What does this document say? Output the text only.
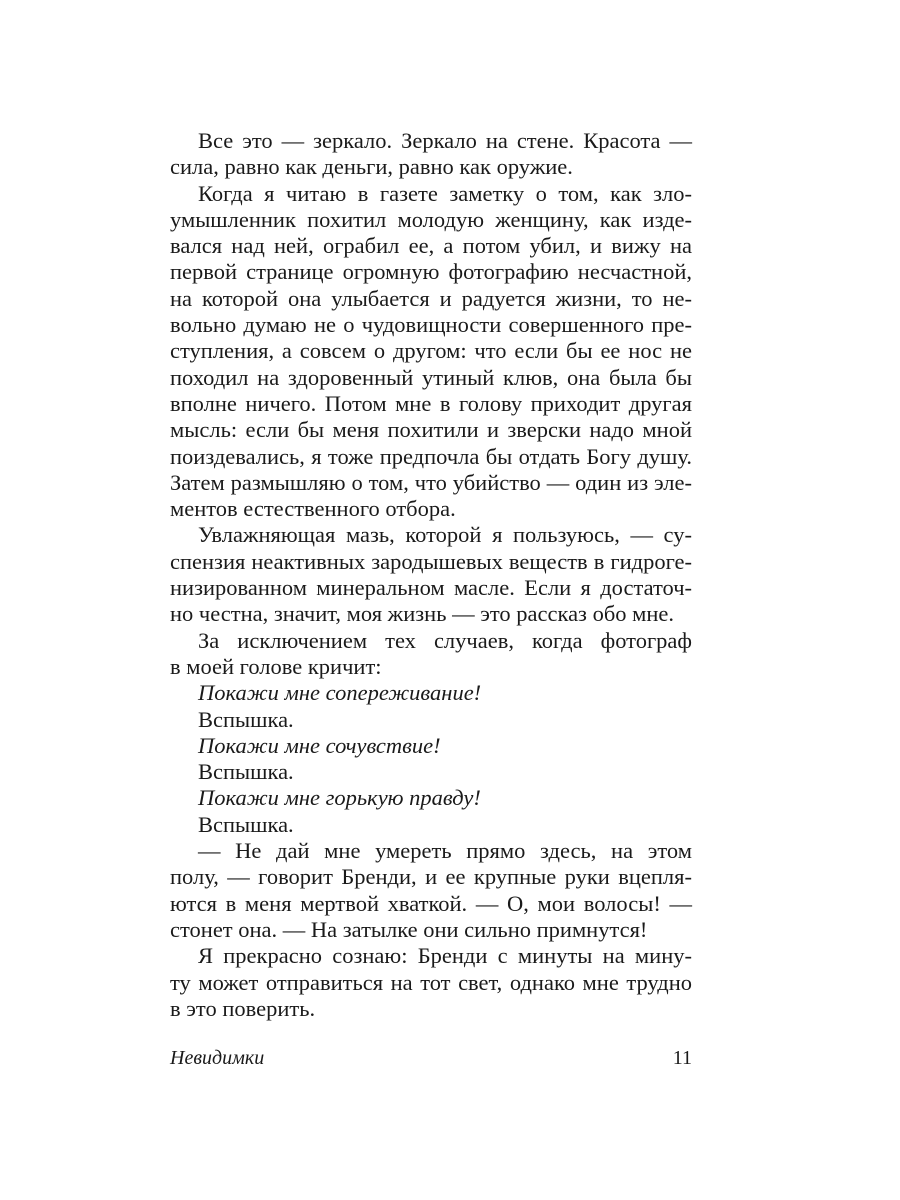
Все это — зеркало. Зеркало на стене. Красота —
сила, равно как деньги, равно как оружие.
Когда я читаю в газете заметку о том, как зло-
умышленник похитил молодую женщину, как изде-
вался над ней, ограбил ее, а потом убил, и вижу на
первой странице огромную фотографию несчастной,
на которой она улыбается и радуется жизни, то не-
вольно думаю не о чудовищности совершенного пре-
ступления, а совсем о другом: что если бы ее нос не
походил на здоровенный утиный клюв, она была бы
вполне ничего. Потом мне в голову приходит другая
мысль: если бы меня похитили и зверски надо мной
поиздевались, я тоже предпочла бы отдать Богу душу.
Затем размышляю о том, что убийство — один из эле-
ментов естественного отбора.
Увлажняющая мазь, которой я пользуюсь, — су-
спензия неактивных зародышевых веществ в гидроге-
низированном минеральном масле. Если я достаточ-
но честна, значит, моя жизнь — это рассказ обо мне.
За исключением тех случаев, когда фотограф
в моей голове кричит:
Покажи мне сопереживание!
Вспышка.
Покажи мне сочувствие!
Вспышка.
Покажи мне горькую правду!
Вспышка.
— Не дай мне умереть прямо здесь, на этом
полу, — говорит Бренди, и ее крупные руки вцепля-
ются в меня мертвой хваткой. — О, мои волосы! —
стонет она. — На затылке они сильно примнутся!
Я прекрасно сознаю: Бренди с минуты на мину-
ту может отправиться на тот свет, однако мне трудно
в это поверить.
Невидимки	11
